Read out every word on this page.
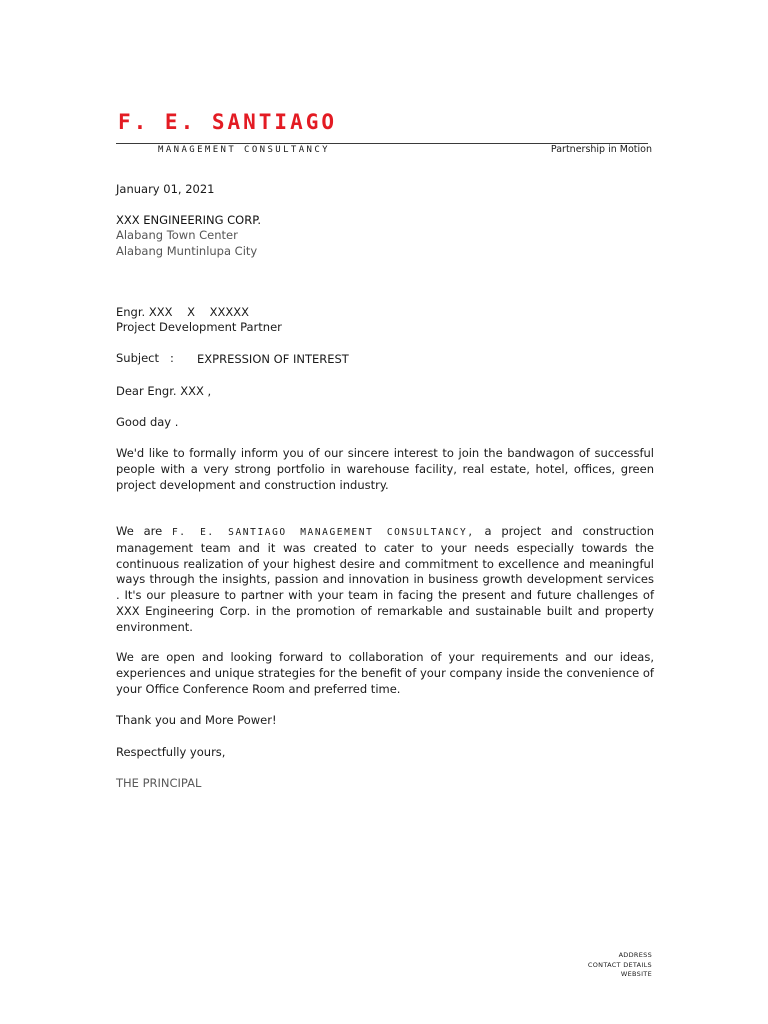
F. E. SANTIAGO
MANAGEMENT CONSULTANCY	Partnership in Motion

January 01, 2021

XXX ENGINEERING CORP.

Alabang Town Center

Alabang Muntinlupa City

Engr. XXX    X    XXXXX

Project Development Partner

Subject : EXPRESSION OF INTEREST

Dear Engr. XXX ,

Good day .

We'd like to formally inform you of our sincere interest to join the bandwagon of successful people with a very strong portfolio in warehouse facility, real estate, hotel, offices, green project development and construction industry.

We are F. E. SANTIAGO MANAGEMENT CONSULTANCY, a project and construction management team and it was created to cater to your needs especially towards the continuous realization of your highest desire and commitment to excellence and meaningful ways through the insights, passion and innovation in business growth development services . It's our pleasure to partner with your team in facing the present and future challenges of XXX Engineering Corp. in the promotion of remarkable and sustainable built and property environment.

We are open and looking forward to collaboration of your requirements and our ideas, experiences and unique strategies for the benefit of your company inside the convenience of your Office Conference Room and preferred time.

Thank you and More Power!

Respectfully yours,

THE PRINCIPAL
ADDRESS
CONTACT DETAILS
WEBSITE
